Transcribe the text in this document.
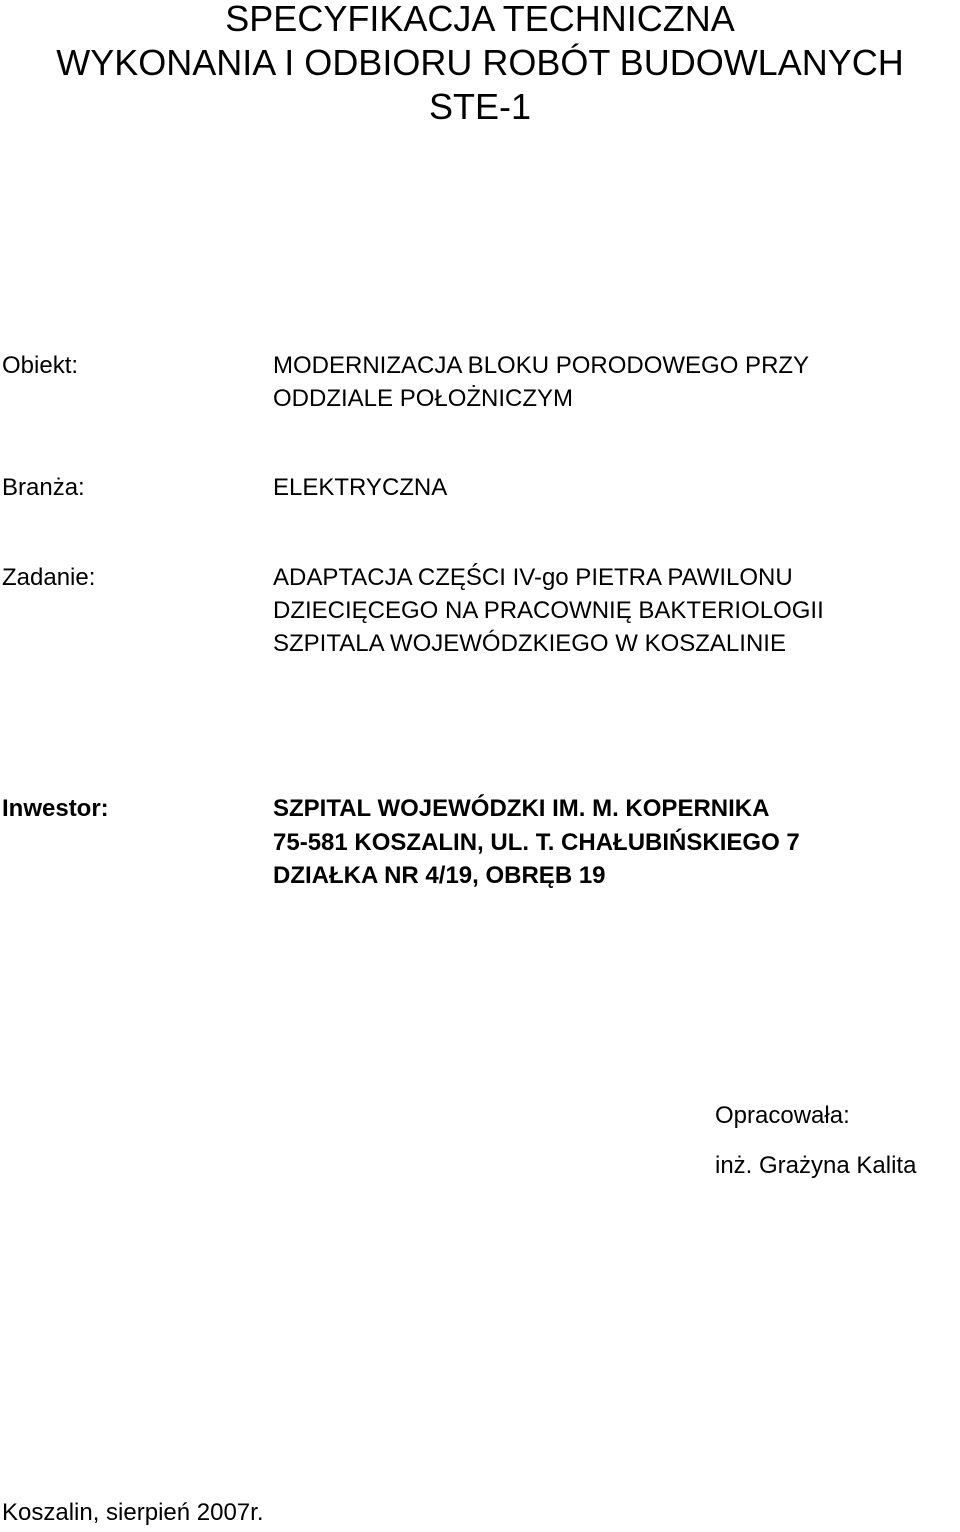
SPECYFIKACJA TECHNICZNA
WYKONANIA I ODBIORU ROBÓT BUDOWLANYCH
STE-1
Obiekt:	MODERNIZACJA BLOKU PORODOWEGO PRZY
ODDZIALE POŁOŻNICZYM
Branża:	ELEKTRYCZNA
Zadanie:	ADAPTACJA CZĘŚCI IV-go PIETRA PAWILONU
DZIECIĘCEGO NA PRACOWNIĘ BAKTERIOLOGII
SZPITALA WOJEWÓDZKIEGO W KOSZALINIE
Inwestor:	SZPITAL WOJEWÓDZKI IM. M. KOPERNIKA
75-581 KOSZALIN, UL. T. CHAŁUBIŃSKIEGO 7
DZIAŁKA NR 4/19, OBRĘB 19
Opracowała:
inż. Grażyna Kalita
Koszalin, sierpień 2007r.
